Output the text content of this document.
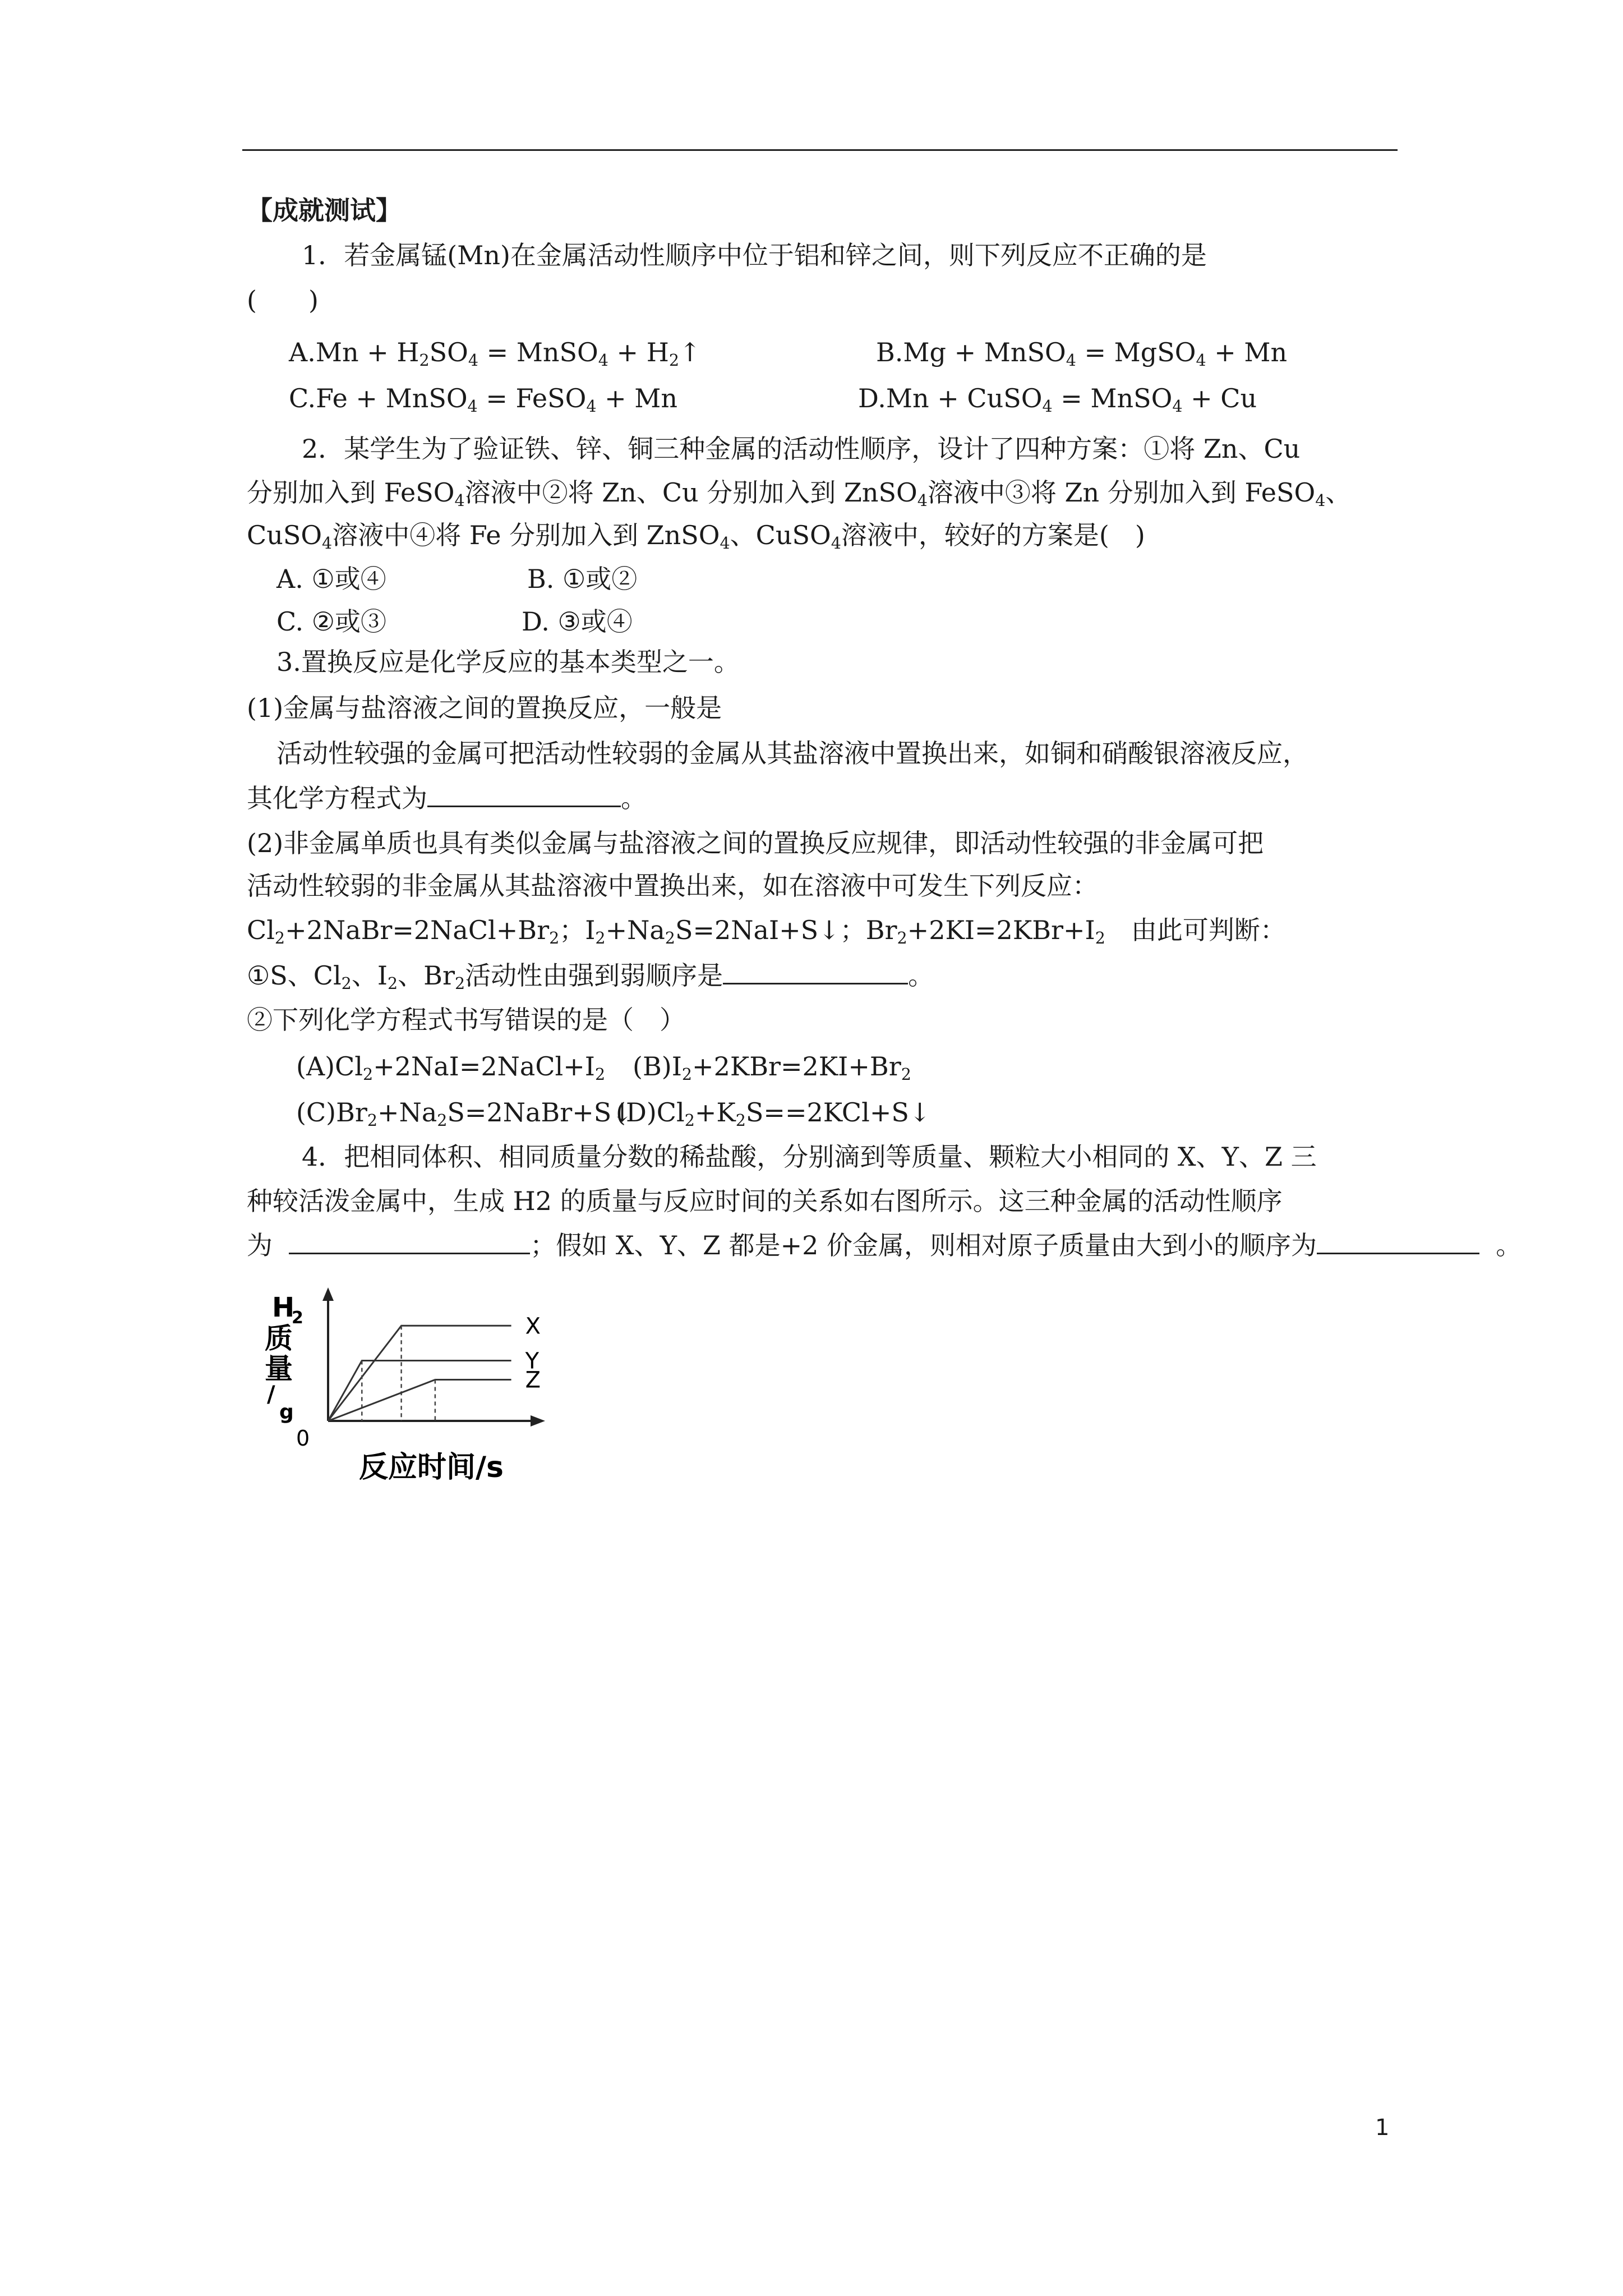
【成就测试】
1．若金属锰(Mn)在金属活动性顺序中位于铝和锌之间，则下列反应不正确的是
(　　)
$A.Mn + H_2SO_4$ = MnSO$_4$ + $H_2↑$	B.Mg + MnSO$_4$ = MgSO$_4$ + Mn
C.Fe + MnSO$_4$ = FeSO$_4$ + Mn	D.Mn + CuSO$_4$ = MnSO$_4$ + Cu
2．某学生为了验证铁、锌、铜三种金属的活动性顺序，设计了四种方案：①将 Zn、Cu
分别加入到 FeSO$_4$溶液中②将 Zn、Cu 分别加入到 ZnSO$_4$溶液中③将 Zn 分别加入到 FeSO$_4$、
CuSO$_4$溶液中④将 Fe 分别加入到 ZnSO$_4$、CuSO$_4$溶液中，较好的方案是(　)
A. ①或④	B. ①或②
C. ②或③	D. ③或④
3.置换反应是化学反应的基本类型之一。
(1)金属与盐溶液之间的置换反应，一般是
活动性较强的金属可把活动性较弱的金属从其盐溶液中置换出来，如铜和硝酸银溶液反应，
其化学方程式为	。
(2)非金属单质也具有类似金属与盐溶液之间的置换反应规律，即活动性较强的非金属可把
活动性较弱的非金属从其盐溶液中置换出来，如在溶液中可发生下列反应：
$Cl_2+2NaBr=2NaCl+Br_2$；$I_2+Na_2S=2NaI+S↓$；$Br_2+2KI=2KBr+I_2$　由此可判断：
①S、$Cl_2$、$I_2$、$Br_2$活动性由强到弱顺序是	。
②下列化学方程式书写错误的是（　）
$(A)Cl_2+2NaI=2NaCl+I_2$ $(B)I_2+2KBr=2KI+Br_2$
$(C)Br_2+Na_2S=2NaBr+S↓$
$(D)Cl_2+K_2S==2KCl+S↓$
4．把相同体积、相同质量分数的稀盐酸，分别滴到等质量、颗粒大小相同的 X、Y、Z 三
种较活泼金属中，生成 H2 的质量与反应时间的关系如右图所示。这三种金属的活动性顺序
为	；假如 X、Y、Z 都是+2 价金属，则相对原子质量由大到小的顺序为	。
H
2
质
量
/
g
0
反应时间/s
X
Y
Z
1
